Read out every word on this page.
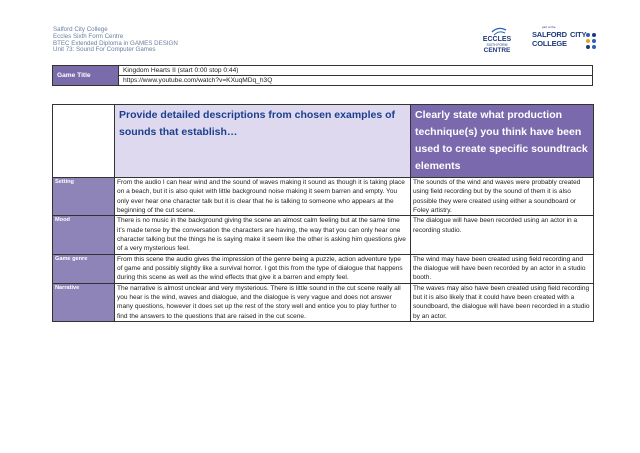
Salford City College
Eccles Sixth Form Centre
BTEC Extended Diploma in GAMES DESIGN
Unit 73: Sound For Computer Games
ECCLES
SIXTH FORM
CENTRE
part of the
SALFORD CITY
COLLEGE
Game Title	Kingdom Hearts II (start 0:00 stop 0:44)
https://www.youtube.com/watch?v=KXuqMDq_h3Q
	Provide detailed descriptions from chosen examples of sounds that establish…	Clearly state what production technique(s) you think have been used to create specific soundtrack elements
Setting	From the audio I can hear wind and the sound of waves making it sound as though it is taking place on a beach, but it is also quiet with little background noise making it seem barren and empty. You only ever hear one character talk but it is clear that he is talking to someone who appears at the beginning of the cut scene.	The sounds of the wind and waves were probably created using field recording but by the sound of them it is also possible they were created using either a soundboard or Foley artistry.
Mood	There is no music in the background giving the scene an almost calm feeling but at the same time it’s made tense by the conversation the characters are having, the way that you can only hear one character talking but the things he is saying make it seem like the other is asking him questions give of a very mysterious feel.	The dialogue will have been recorded using an actor in a recording studio.
Game genre	From this scene the audio gives the impression of the genre being a puzzle, action adventure type of game and possibly slightly like a survival horror. I got this from the type of dialogue that happens during this scene as well as the wind effects that give it a barren and empty feel.	The wind may have been created using field recording and the dialogue will have been recorded by an actor in a studio booth.
Narrative	The narrative is almost unclear and very mysterious. There is little sound in the cut scene really all you hear is the wind, waves and dialogue, and the dialogue is very vague and does not answer many questions, however it does set up the rest of the story well and entice you to play further to find the answers to the questions that are raised in the cut scene.	The waves may also have been created using field recording but it is also likely that it could have been created with a soundboard, the dialogue will have been recorded in a studio by an actor.
